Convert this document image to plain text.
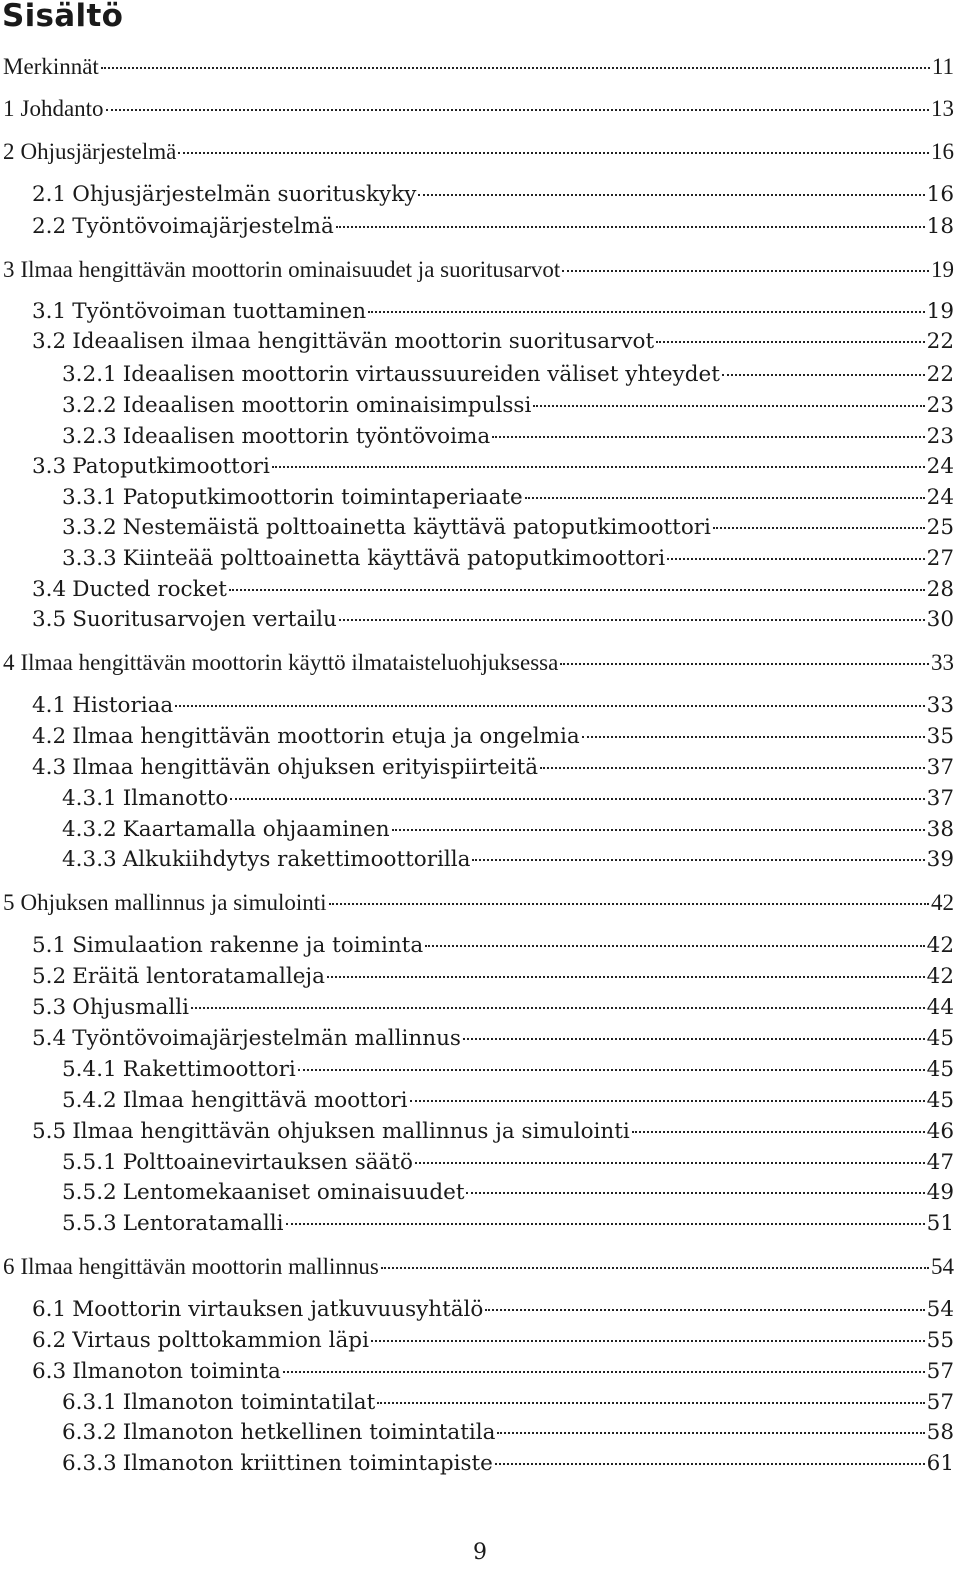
Sisältö
Merkinnät	11
1 Johdanto	13
2 Ohjusjärjestelmä	16
2.1 Ohjusjärjestelmän suorituskyky	16
2.2 Työntövoimajärjestelmä	18
3 Ilmaa hengittävän moottorin ominaisuudet ja suoritusarvot	19
3.1 Työntövoiman tuottaminen	19
3.2 Ideaalisen ilmaa hengittävän moottorin suoritusarvot	22
3.2.1 Ideaalisen moottorin virtaussuureiden väliset yhteydet	22
3.2.2 Ideaalisen moottorin ominaisimpulssi	23
3.2.3 Ideaalisen moottorin työntövoima	23
3.3 Patoputkimoottori	24
3.3.1 Patoputkimoottorin toimintaperiaate	24
3.3.2 Nestemäistä polttoainetta käyttävä patoputkimoottori	25
3.3.3 Kiinteää polttoainetta käyttävä patoputkimoottori	27
3.4 Ducted rocket	28
3.5 Suoritusarvojen vertailu	30
4 Ilmaa hengittävän moottorin käyttö ilmataisteluohjuksessa	33
4.1 Historiaa	33
4.2 Ilmaa hengittävän moottorin etuja ja ongelmia	35
4.3 Ilmaa hengittävän ohjuksen erityispiirteitä	37
4.3.1 Ilmanotto	37
4.3.2 Kaartamalla ohjaaminen	38
4.3.3 Alkukiihdytys rakettimoottorilla	39
5 Ohjuksen mallinnus ja simulointi	42
5.1 Simulaation rakenne ja toiminta	42
5.2 Eräitä lentoratamalleja	42
5.3 Ohjusmalli	44
5.4 Työntövoimajärjestelmän mallinnus	45
5.4.1 Rakettimoottori	45
5.4.2 Ilmaa hengittävä moottori	45
5.5 Ilmaa hengittävän ohjuksen mallinnus ja simulointi	46
5.5.1 Polttoainevirtauksen säätö	47
5.5.2 Lentomekaaniset ominaisuudet	49
5.5.3 Lentoratamalli	51
6 Ilmaa hengittävän moottorin mallinnus	54
6.1 Moottorin virtauksen jatkuvuusyhtälö	54
6.2 Virtaus polttokammion läpi	55
6.3 Ilmanoton toiminta	57
6.3.1 Ilmanoton toimintatilat	57
6.3.2 Ilmanoton hetkellinen toimintatila	58
6.3.3 Ilmanoton kriittinen toimintapiste	61
9
